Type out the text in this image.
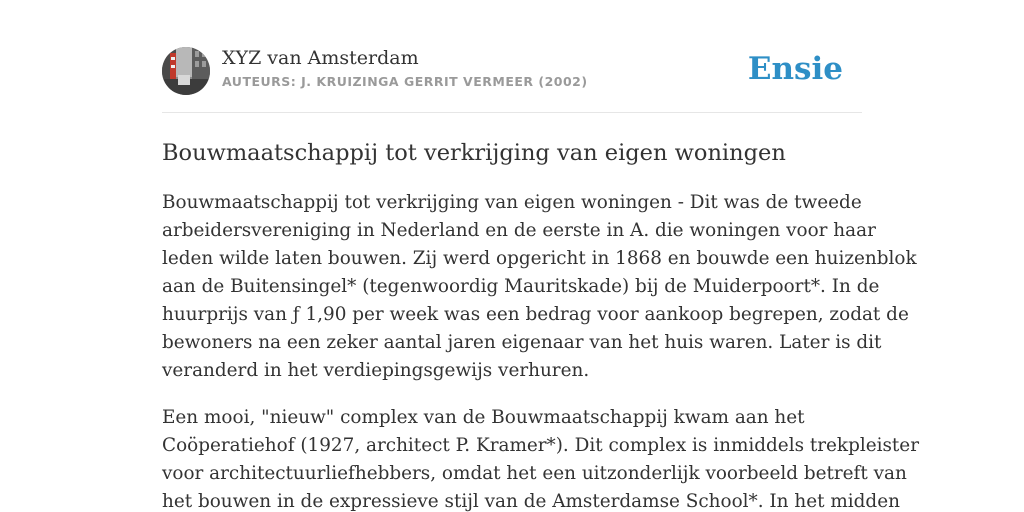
XYZ van Amsterdam
AUTEURS: J. KRUIZINGA GERRIT VERMEER (2002)	Ensie
Bouwmaatschappij tot verkrijging van eigen woningen

Bouwmaatschappij tot verkrijging van eigen woningen - Dit was de tweede
arbeidersvereniging in Nederland en de eerste in A. die woningen voor haar
leden wilde laten bouwen. Zij werd opgericht in 1868 en bouwde een huizenblok
aan de Buitensingel* (tegenwoordig Mauritskade) bij de Muiderpoort*. In de
huurprijs van ƒ 1,90 per week was een bedrag voor aankoop begrepen, zodat de
bewoners na een zeker aantal jaren eigenaar van het huis waren. Later is dit
veranderd in het verdiepingsgewijs verhuren.

Een mooi, "nieuw" complex van de Bouwmaatschappij kwam aan het
Coöperatiehof (1927, architect P. Kramer*). Dit complex is inmiddels trekpleister
voor architectuurliefhebbers, omdat het een uitzonderlijk voorbeeld betreft van
het bouwen in de expressieve stijl van de Amsterdamse School*. In het midden
